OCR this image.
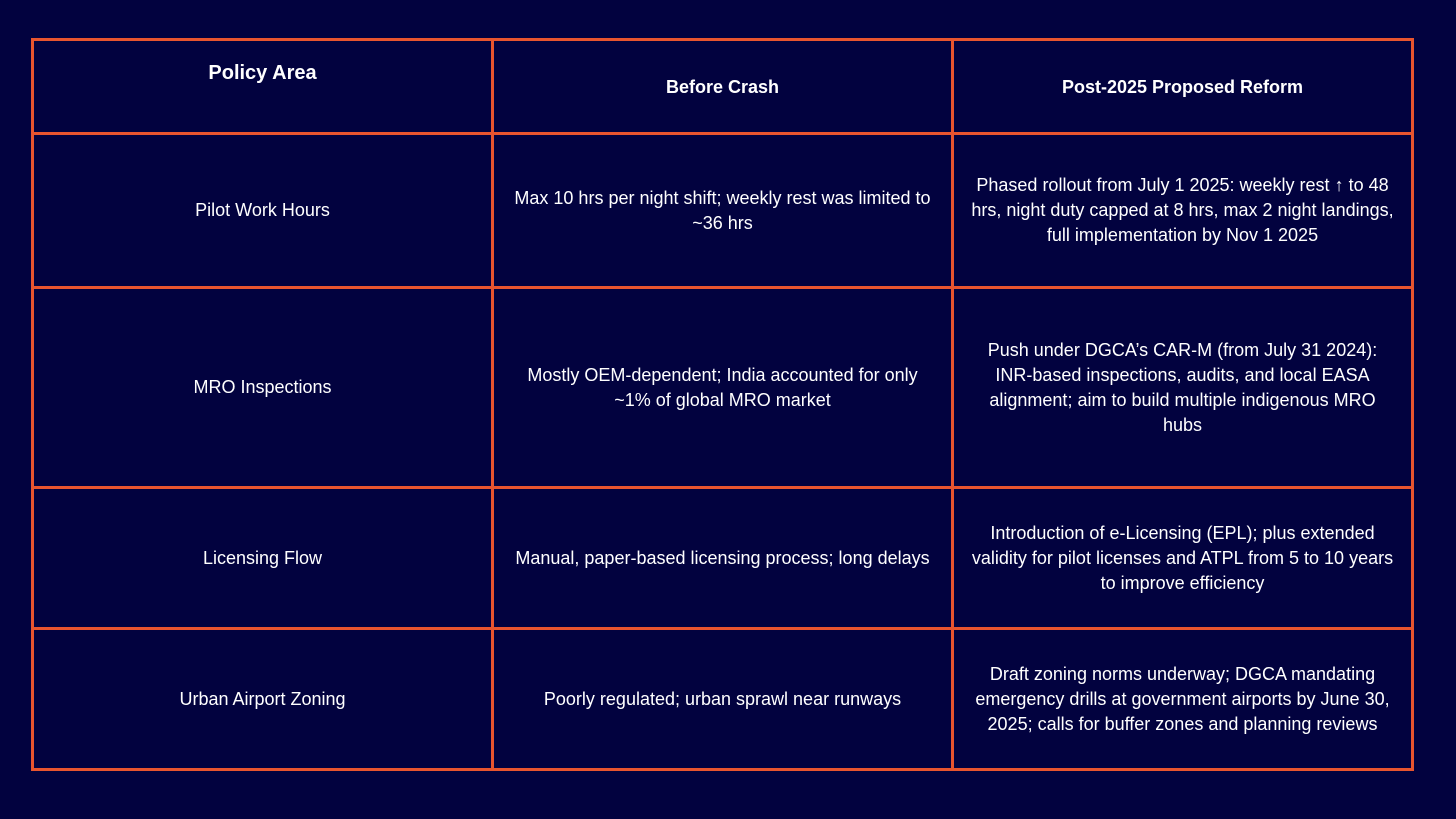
Policy Area	Before Crash	Post-2025 Proposed Reform
Pilot Work Hours	Max 10 hrs per night shift; weekly rest was limited to ~36 hrs	Phased rollout from July 1 2025: weekly rest ↑ to 48 hrs, night duty capped at 8 hrs, max 2 night landings, full implementation by Nov 1 2025
MRO Inspections	Mostly OEM-dependent; India accounted for only ~1% of global MRO market	Push under DGCA’s CAR-M (from July 31 2024): INR-based inspections, audits, and local EASA alignment; aim to build multiple indigenous MRO hubs
Licensing Flow	Manual, paper-based licensing process; long delays	Introduction of e-Licensing (EPL); plus extended validity for pilot licenses and ATPL from 5 to 10 years to improve efficiency
Urban Airport Zoning	Poorly regulated; urban sprawl near runways	Draft zoning norms underway; DGCA mandating emergency drills at government airports by June 30, 2025; calls for buffer zones and planning reviews
